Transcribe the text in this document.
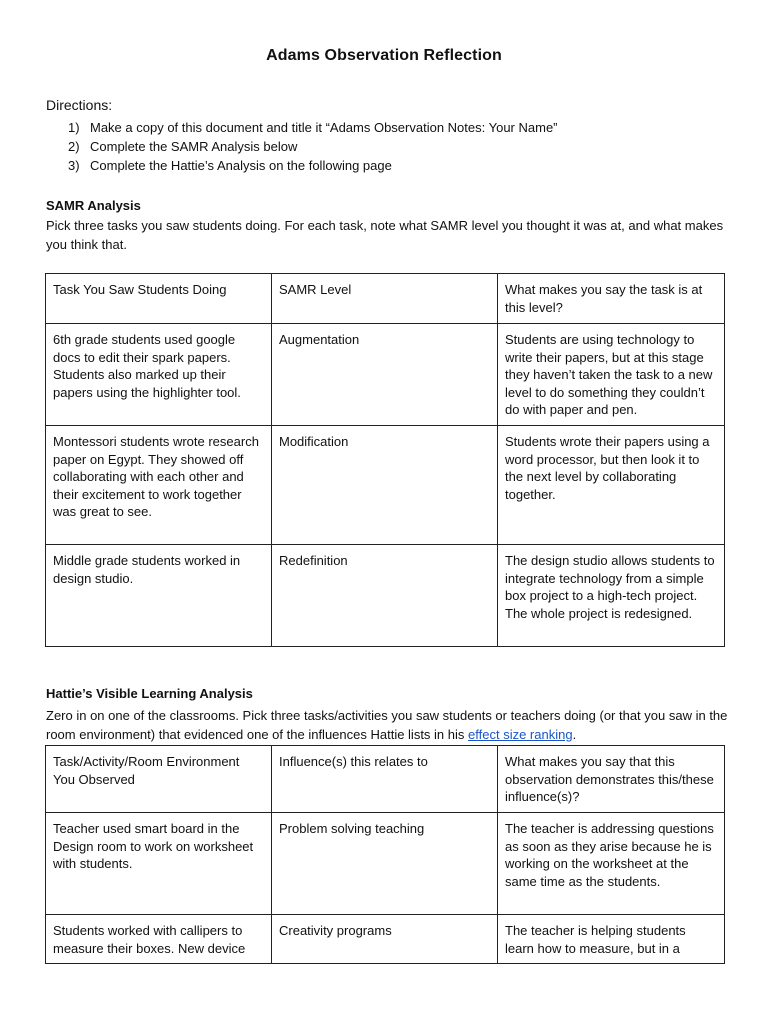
Adams Observation Reflection
Directions:
1) Make a copy of this document and title it “Adams Observation Notes: Your Name”
2) Complete the SAMR Analysis below
3) Complete the Hattie’s Analysis on the following page
SAMR Analysis
Pick three tasks you saw students doing. For each task, note what SAMR level you thought it was at, and what makes you think that.
Task You Saw Students Doing	SAMR Level	What makes you say the task is at this level?
6th grade students used google docs to edit their spark papers. Students also marked up their papers using the highlighter tool.	Augmentation	Students are using technology to write their papers, but at this stage they haven’t taken the task to a new level to do something they couldn’t do with paper and pen.
Montessori students wrote research paper on Egypt. They showed off collaborating with each other and their excitement to work together was great to see.	Modification	Students wrote their papers using a word processor, but then look it to the next level by collaborating together.
Middle grade students worked in design studio.	Redefinition	The design studio allows students to integrate technology from a simple box project to a high-tech project. The whole project is redesigned.
Hattie’s Visible Learning Analysis
Zero in on one of the classrooms. Pick three tasks/activities you saw students or teachers doing (or that you saw in the room environment) that evidenced one of the influences Hattie lists in his effect size ranking.
Task/Activity/Room Environment You Observed	Influence(s) this relates to	What makes you say that this observation demonstrates this/these influence(s)?
Teacher used smart board in the Design room to work on worksheet with students.	Problem solving teaching	The teacher is addressing questions as soon as they arise because he is working on the worksheet at the same time as the students.
Students worked with callipers to measure their boxes. New device	Creativity programs	The teacher is helping students learn how to measure, but in a
